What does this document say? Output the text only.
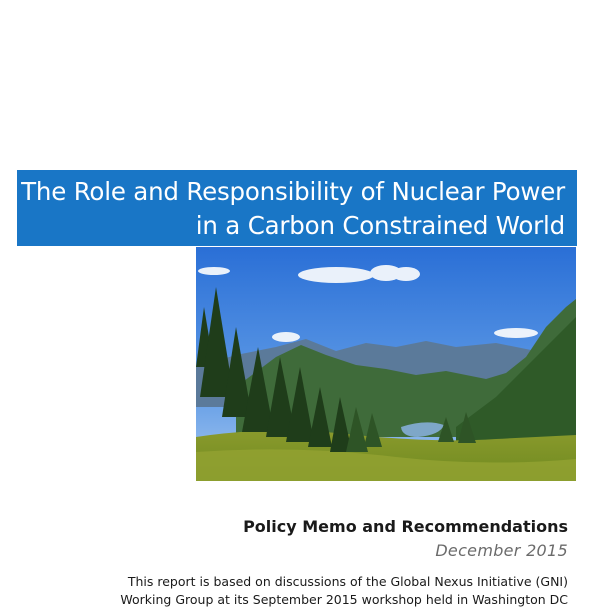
The Role and Responsibility of Nuclear Power
in a Carbon Constrained World
Policy Memo and Recommendations
December 2015
This report is based on discussions of the Global Nexus Initiative (GNI)
Working Group at its September 2015 workshop held in Washington DC
